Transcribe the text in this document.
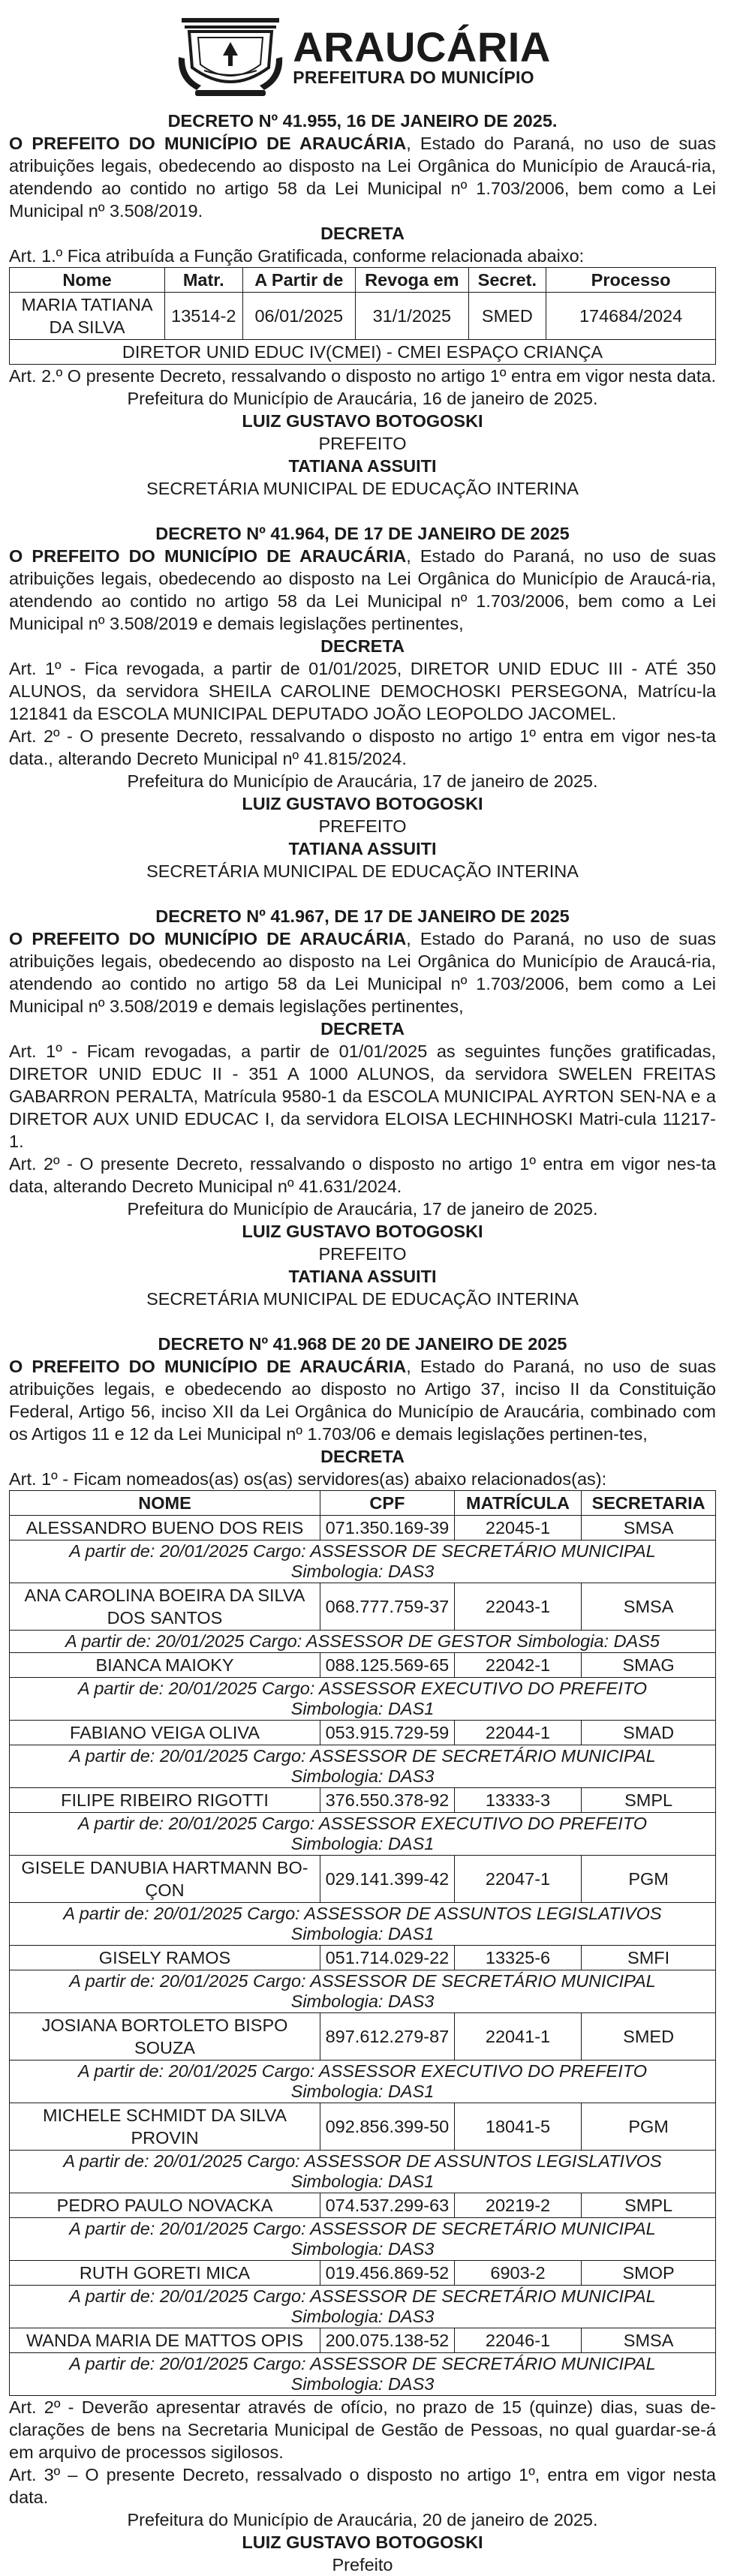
ARAUCÁRIA
PREFEITURA DO MUNICÍPIO
DECRETO Nº 41.955, 16 DE JANEIRO DE 2025.
O PREFEITO DO MUNICÍPIO DE ARAUCÁRIA, Estado do Paraná, no uso de suas atribuições legais, obedecendo ao disposto na Lei Orgânica do Município de Araucá-ria, atendendo ao contido no artigo 58 da Lei Municipal nº 1.703/2006, bem como a Lei Municipal nº 3.508/2019.
DECRETA
Art. 1.º Fica atribuída a Função Gratificada, conforme relacionada abaixo:
Nome	Matr.	A Partir de	Revoga em	Secret.	Processo
MARIA TATIANA DA SILVA	13514-2	06/01/2025	31/1/2025	SMED	174684/2024
DIRETOR UNID EDUC IV(CMEI) - CMEI ESPAÇO CRIANÇA					
Art. 2.º O presente Decreto, ressalvando o disposto no artigo 1º entra em vigor nesta data.
Prefeitura do Município de Araucária, 16 de janeiro de 2025.
LUIZ GUSTAVO BOTOGOSKI
PREFEITO
TATIANA ASSUITI
SECRETÁRIA MUNICIPAL DE EDUCAÇÃO INTERINA
DECRETO Nº 41.964, DE 17 DE JANEIRO DE 2025
O PREFEITO DO MUNICÍPIO DE ARAUCÁRIA, Estado do Paraná, no uso de suas atribuições legais, obedecendo ao disposto na Lei Orgânica do Município de Araucá-ria, atendendo ao contido no artigo 58 da Lei Municipal nº 1.703/2006, bem como a Lei Municipal nº 3.508/2019 e demais legislações pertinentes,
DECRETA
Art. 1º - Fica revogada, a partir de 01/01/2025, DIRETOR UNID EDUC III - ATÉ 350 ALUNOS, da servidora SHEILA CAROLINE DEMOCHOSKI PERSEGONA, Matrícu-la 121841 da ESCOLA MUNICIPAL DEPUTADO JOÃO LEOPOLDO JACOMEL.
Art. 2º - O presente Decreto, ressalvando o disposto no artigo 1º entra em vigor nes-ta data., alterando Decreto Municipal nº 41.815/2024.
Prefeitura do Município de Araucária, 17 de janeiro de 2025.
LUIZ GUSTAVO BOTOGOSKI
PREFEITO
TATIANA ASSUITI
SECRETÁRIA MUNICIPAL DE EDUCAÇÃO INTERINA
DECRETO Nº 41.967, DE 17 DE JANEIRO DE 2025
O PREFEITO DO MUNICÍPIO DE ARAUCÁRIA, Estado do Paraná, no uso de suas atribuições legais, obedecendo ao disposto na Lei Orgânica do Município de Araucá-ria, atendendo ao contido no artigo 58 da Lei Municipal nº 1.703/2006, bem como a Lei Municipal nº 3.508/2019 e demais legislações pertinentes,
DECRETA
Art. 1º - Ficam revogadas, a partir de 01/01/2025 as seguintes funções gratificadas, DIRETOR UNID EDUC II - 351 A 1000 ALUNOS, da servidora SWELEN FREITAS GABARRON PERALTA, Matrícula 9580-1 da ESCOLA MUNICIPAL AYRTON SEN-NA e a DIRETOR AUX UNID EDUCAC I, da servidora ELOISA LECHINHOSKI Matri-cula 11217-1.
Art. 2º - O presente Decreto, ressalvando o disposto no artigo 1º entra em vigor nes-ta data, alterando Decreto Municipal nº 41.631/2024.
Prefeitura do Município de Araucária, 17 de janeiro de 2025.
LUIZ GUSTAVO BOTOGOSKI
PREFEITO
TATIANA ASSUITI
SECRETÁRIA MUNICIPAL DE EDUCAÇÃO INTERINA
DECRETO Nº 41.968 DE 20 DE JANEIRO DE 2025
O PREFEITO DO MUNICÍPIO DE ARAUCÁRIA, Estado do Paraná, no uso de suas atribuições legais, e obedecendo ao disposto no Artigo 37, inciso II da Constituição Federal, Artigo 56, inciso XII da Lei Orgânica do Município de Araucária, combinado com os Artigos 11 e 12 da Lei Municipal nº 1.703/06 e demais legislações pertinen-tes,
DECRETA
Art. 1º - Ficam nomeados(as) os(as) servidores(as) abaixo relacionados(as):
NOME	CPF	MATRÍCULA	SECRETARIA
ALESSANDRO BUENO DOS REIS	071.350.169-39	22045-1	SMSA

A partir de: 20/01/2025 Cargo: ASSESSOR DE SECRETÁRIO MUNICIPAL
Simbologia: DAS3			

ANA CAROLINA BOEIRA DA SILVA DOS SANTOS	068.777.759-37	22043-1	SMSA

A partir de: 20/01/2025 Cargo: ASSESSOR DE GESTOR Simbologia: DAS5			

BIANCA MAIOKY	088.125.569-65	22042-1	SMAG

A partir de: 20/01/2025 Cargo: ASSESSOR EXECUTIVO DO PREFEITO
Simbologia: DAS1			

FABIANO VEIGA OLIVA	053.915.729-59	22044-1	SMAD

A partir de: 20/01/2025 Cargo: ASSESSOR DE SECRETÁRIO MUNICIPAL
Simbologia: DAS3			

FILIPE RIBEIRO RIGOTTI	376.550.378-92	13333-3	SMPL

A partir de: 20/01/2025 Cargo: ASSESSOR EXECUTIVO DO PREFEITO
Simbologia: DAS1			

GISELE DANUBIA HARTMANN BO-ÇON	029.141.399-42	22047-1	PGM

A partir de: 20/01/2025 Cargo: ASSESSOR DE ASSUNTOS LEGISLATIVOS
Simbologia: DAS1			

GISELY RAMOS	051.714.029-22	13325-6	SMFI

A partir de: 20/01/2025 Cargo: ASSESSOR DE SECRETÁRIO MUNICIPAL
Simbologia: DAS3			

JOSIANA BORTOLETO BISPO SOUZA	897.612.279-87	22041-1	SMED

A partir de: 20/01/2025 Cargo: ASSESSOR EXECUTIVO DO PREFEITO
Simbologia: DAS1			

MICHELE SCHMIDT DA SILVA PROVIN	092.856.399-50	18041-5	PGM

A partir de: 20/01/2025 Cargo: ASSESSOR DE ASSUNTOS LEGISLATIVOS
Simbologia: DAS1			

PEDRO PAULO NOVACKA	074.537.299-63	20219-2	SMPL

A partir de: 20/01/2025 Cargo: ASSESSOR DE SECRETÁRIO MUNICIPAL
Simbologia: DAS3			

RUTH GORETI MICA	019.456.869-52	6903-2	SMOP

A partir de: 20/01/2025 Cargo: ASSESSOR DE SECRETÁRIO MUNICIPAL
Simbologia: DAS3			

WANDA MARIA DE MATTOS OPIS	200.075.138-52	22046-1	SMSA

A partir de: 20/01/2025 Cargo: ASSESSOR DE SECRETÁRIO MUNICIPAL
Simbologia: DAS3			
Art. 2º - Deverão apresentar através de ofício, no prazo de 15 (quinze) dias, suas de-clarações de bens na Secretaria Municipal de Gestão de Pessoas, no qual guardar-se-á em arquivo de processos sigilosos.
Art. 3º – O presente Decreto, ressalvado o disposto no artigo 1º, entra em vigor nesta data.
Prefeitura do Município de Araucária, 20 de janeiro de 2025.
LUIZ GUSTAVO BOTOGOSKI
Prefeito
